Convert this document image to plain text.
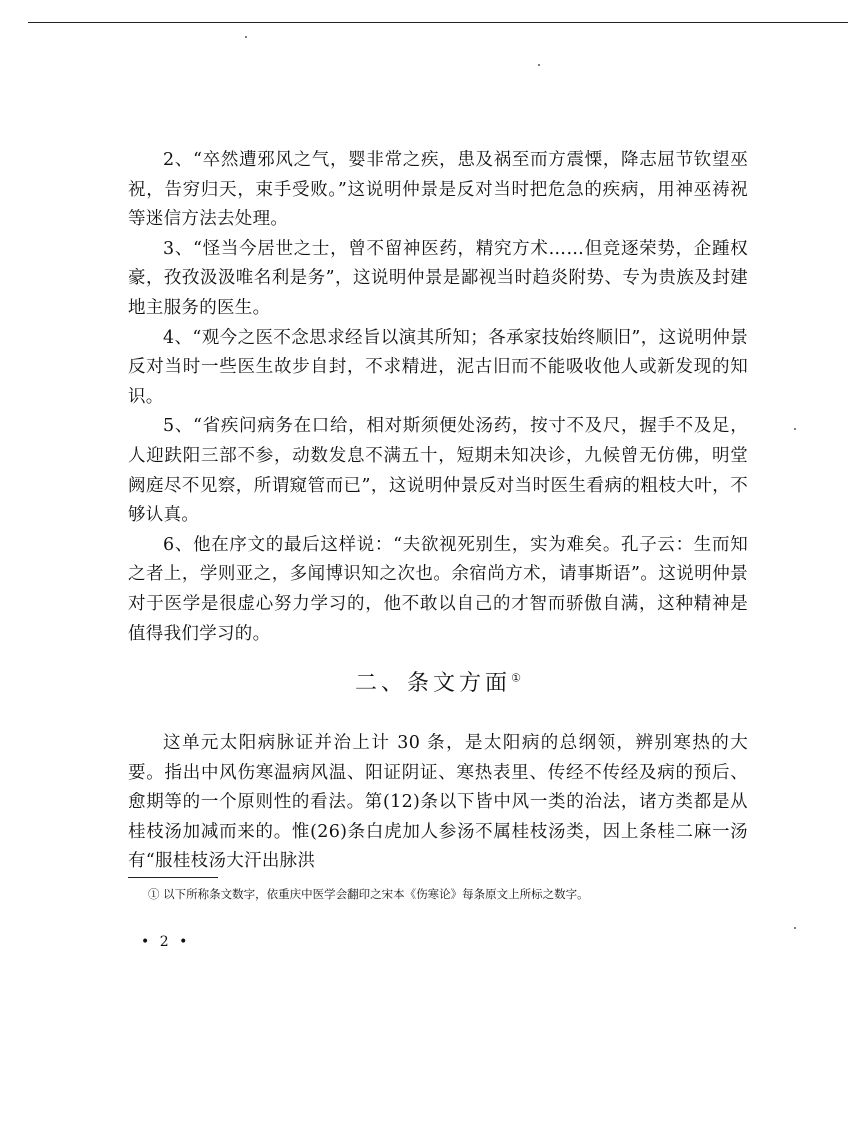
2、“卒然遭邪风之气，婴非常之疾，患及祸至而方震慄，降志屈节钦望巫祝，告穷归天，束手受败。”这说明仲景是反对当时把危急的疾病，用神巫祷祝等迷信方法去处理。

3、“怪当今居世之士，曾不留神医药，精究方术……但竞逐荣势，企踵权豪，孜孜汲汲唯名利是务”，这说明仲景是鄙视当时趋炎附势、专为贵族及封建地主服务的医生。

4、“观今之医不念思求经旨以演其所知；各承家技始终顺旧”，这说明仲景反对当时一些医生故步自封，不求精进，泥古旧而不能吸收他人或新发现的知识。

5、“省疾问病务在口给，相对斯须便处汤药，按寸不及尺，握手不及足，人迎趺阳三部不参，动数发息不满五十，短期未知决诊，九候曾无仿佛，明堂阙庭尽不见察，所谓窥管而已”，这说明仲景反对当时医生看病的粗枝大叶，不够认真。

6、他在序文的最后这样说：“夫欲视死别生，实为难矣。孔子云：生而知之者上，学则亚之，多闻博识知之次也。余宿尚方术，请事斯语”。这说明仲景对于医学是很虚心努力学习的，他不敢以自己的才智而骄傲自满，这种精神是值得我们学习的。

二、条文方面①

这单元太阳病脉证并治上计 30 条，是太阳病的总纲领，辨别寒热的大要。指出中风伤寒温病风温、阳证阴证、寒热表里、传经不传经及病的预后、愈期等的一个原则性的看法。第(12)条以下皆中风一类的治法，诸方类都是从桂枝汤加减而来的。惟(26)条白虎加人参汤不属桂枝汤类，因上条桂二麻一汤有“服桂枝汤大汗出脉洪

① 以下所称条文数字，依重庆中医学会翻印之宋本《伤寒论》每条原文上所标之数字。

• 2 •
